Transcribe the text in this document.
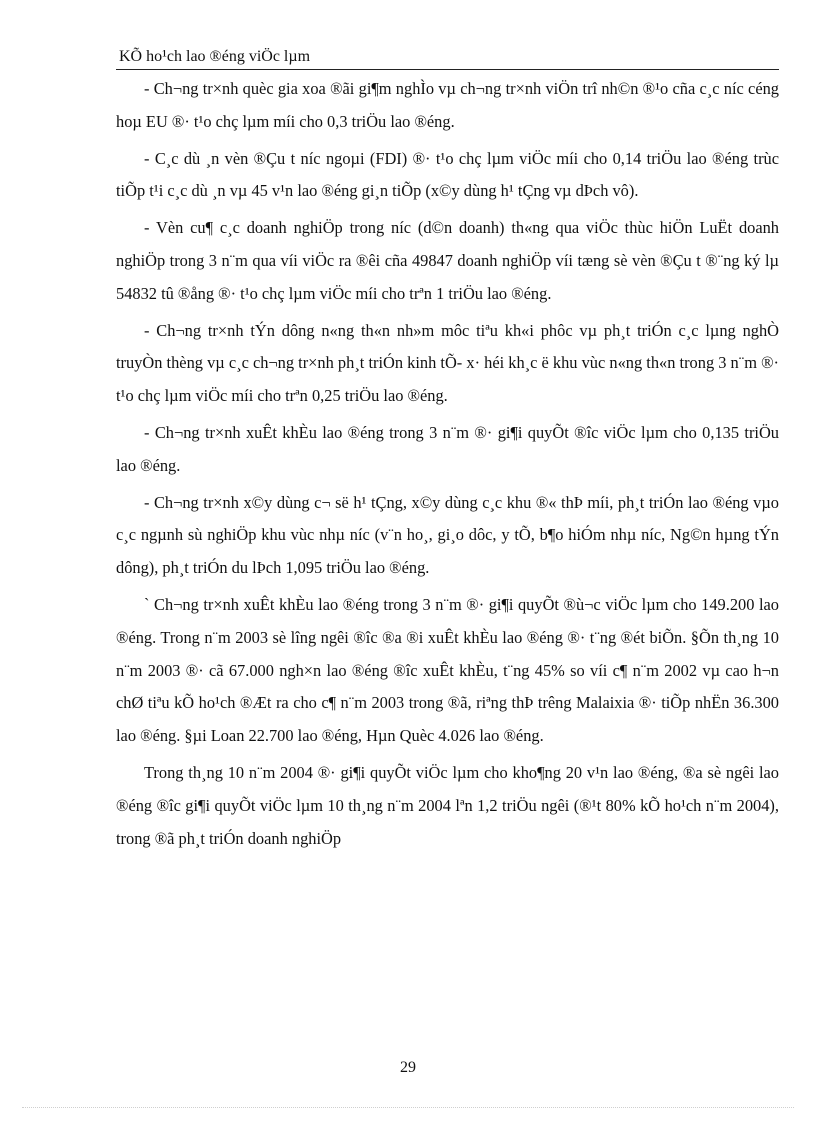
KÕ ho¹ch lao ®éng viÖc lµm

- Ch¬ng tr×nh quèc gia xoa ®ãi gi¶m nghÌo vµ ch¬ng tr×nh viÖn trî nh©n ®¹o cña c¸c níc céng hoµ EU ®· t¹o chç lµm míi cho 0,3 triÖu lao ®éng.

- C¸c dù ¸n vèn ®Çu t níc ngoµi (FDI) ®· t¹o chç lµm viÖc míi cho 0,14 triÖu lao ®éng trùc tiÕp t¹i c¸c dù ¸n vµ 45 v¹n lao ®éng gi¸n tiÕp (x©y dùng h¹ tÇng vµ dÞch vô).

- Vèn cu¶ c¸c doanh nghiÖp trong níc (d©n doanh) th«ng qua viÖc thùc hiÖn LuËt doanh nghiÖp trong 3 n¨m qua víi viÖc ra ®êi cña 49847 doanh nghiÖp víi tæng sè vèn ®Çu t ®¨ng ký lµ 54832 tû ®ång ®· t¹o chç lµm viÖc míi cho trªn 1 triÖu lao ®éng.

- Ch¬ng tr×nh tÝn dông n«ng th«n nh»m môc tiªu kh«i phôc vµ ph¸t triÓn c¸c lµng nghÒ truyÒn thèng vµ c¸c ch¬ng tr×nh ph¸t triÓn kinh tÕ- x· héi kh¸c ë khu vùc n«ng th«n trong 3 n¨m ®· t¹o chç lµm viÖc míi cho trªn 0,25 triÖu lao ®éng.

- Ch¬ng tr×nh xuÊt khÈu lao ®éng trong 3 n¨m ®· gi¶i quyÕt ®îc viÖc lµm cho 0,135 triÖu lao ®éng.

- Ch¬ng tr×nh x©y dùng c¬ së h¹ tÇng, x©y dùng c¸c khu ®« thÞ míi, ph¸t triÓn lao ®éng vµo c¸c ngµnh sù nghiÖp khu vùc nhµ níc (v¨n ho¸, gi¸o dôc, y tÕ, b¶o hiÓm nhµ níc, Ng©n hµng tÝn dông), ph¸t triÓn du lÞch 1,095 triÖu lao ®éng.

` Ch¬ng tr×nh xuÊt khÈu lao ®éng trong 3 n¨m ®· gi¶i quyÕt ®ù¬c viÖc lµm cho 149.200 lao ®éng. Trong n¨m 2003 sè lîng ngêi ®îc ®a ®i xuÊt khÈu lao ®éng ®· t¨ng ®ét biÕn. §Õn th¸ng 10 n¨m 2003 ®· cã 67.000 ngh×n lao ®éng ®îc xuÊt khÈu, t¨ng 45% so víi c¶ n¨m 2002 vµ cao h¬n chØ tiªu kÕ ho¹ch ®Æt ra cho c¶ n¨m 2003 trong ®ã, riªng thÞ trêng Malaixia ®· tiÕp nhËn 36.300 lao ®éng. §µi Loan 22.700 lao ®éng, Hµn Quèc 4.026 lao ®éng.

Trong th¸ng 10 n¨m 2004 ®· gi¶i quyÕt viÖc lµm cho kho¶ng 20 v¹n lao ®éng, ®a sè ngêi lao ®éng ®îc gi¶i quyÕt viÖc lµm 10 th¸ng n¨m 2004 lªn 1,2 triÖu ngêi (®¹t 80% kÕ ho¹ch n¨m 2004), trong ®ã ph¸t triÓn doanh nghiÖp

29
